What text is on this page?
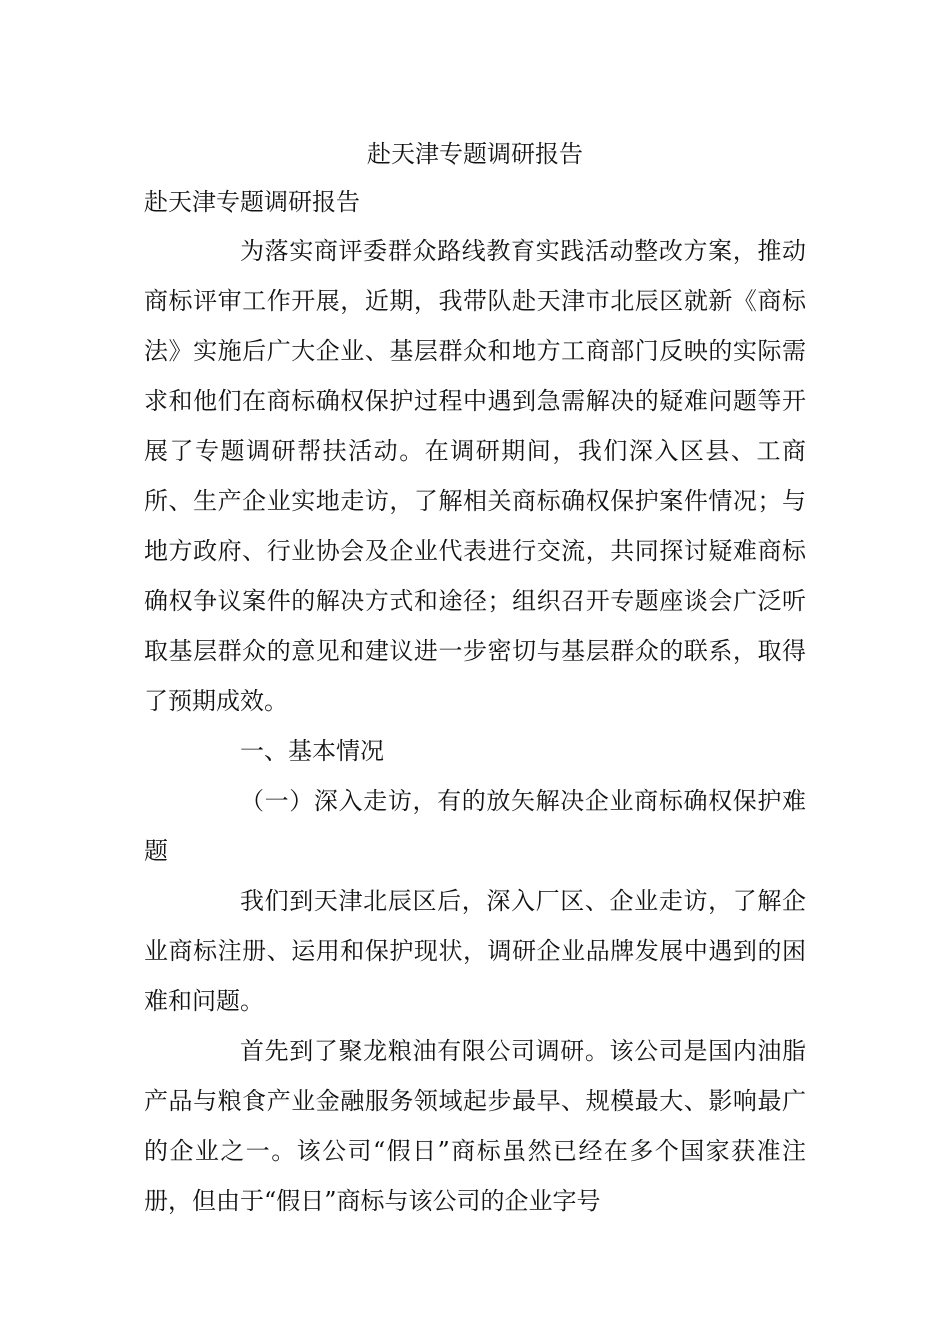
赴天津专题调研报告

赴天津专题调研报告

为落实商评委群众路线教育实践活动整改方案，推动商标评审工作开展，近期，我带队赴天津市北辰区就新《商标法》实施后广大企业、基层群众和地方工商部门反映的实际需求和他们在商标确权保护过程中遇到急需解决的疑难问题等开展了专题调研帮扶活动。在调研期间，我们深入区县、工商所、生产企业实地走访，了解相关商标确权保护案件情况；与地方政府、行业协会及企业代表进行交流，共同探讨疑难商标确权争议案件的解决方式和途径；组织召开专题座谈会广泛听取基层群众的意见和建议进一步密切与基层群众的联系，取得了预期成效。

一、基本情况

（一）深入走访，有的放矢解决企业商标确权保护难题

我们到天津北辰区后，深入厂区、企业走访，了解企业商标注册、运用和保护现状，调研企业品牌发展中遇到的困难和问题。

首先到了聚龙粮油有限公司调研。该公司是国内油脂产品与粮食产业金融服务领域起步最早、规模最大、影响最广的企业之一。该公司“假日”商标虽然已经在多个国家获准注册，但由于“假日”商标与该公司的企业字号
